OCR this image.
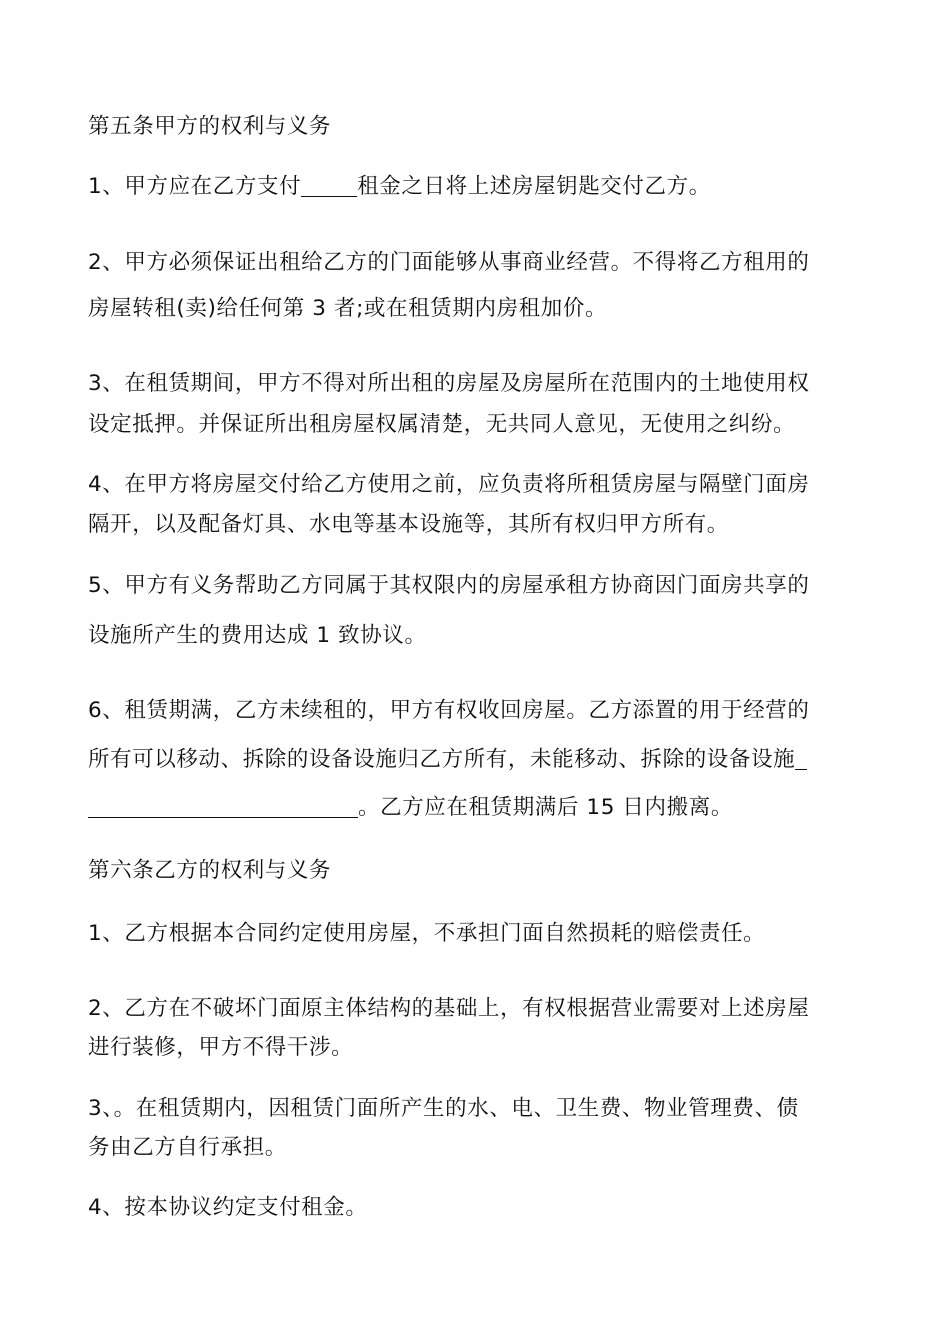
第五条甲方的权利与义务
1、甲方应在乙方支付	租金之日将上述房屋钥匙交付乙方。
2、甲方必须保证出租给乙方的门面能够从事商业经营。不得将乙方租用的
房屋转租(卖)给任何第 3 者;或在租赁期内房租加价。
3、在租赁期间，甲方不得对所出租的房屋及房屋所在范围内的土地使用权
设定抵押。并保证所出租房屋权属清楚，无共同人意见，无使用之纠纷。
4、在甲方将房屋交付给乙方使用之前，应负责将所租赁房屋与隔壁门面房
隔开，以及配备灯具、水电等基本设施等，其所有权归甲方所有。
5、甲方有义务帮助乙方同属于其权限内的房屋承租方协商因门面房共享的
设施所产生的费用达成 1 致协议。
6、租赁期满，乙方未续租的，甲方有权收回房屋。乙方添置的用于经营的
所有可以移动、拆除的设备设施归乙方所有，未能移动、拆除的设备设施
。乙方应在租赁期满后 15 日内搬离。
第六条乙方的权利与义务
1、乙方根据本合同约定使用房屋，不承担门面自然损耗的赔偿责任。
2、乙方在不破坏门面原主体结构的基础上，有权根据营业需要对上述房屋
进行装修，甲方不得干涉。
3、。在租赁期内，因租赁门面所产生的水、电、卫生费、物业管理费、债
务由乙方自行承担。
4、按本协议约定支付租金。
